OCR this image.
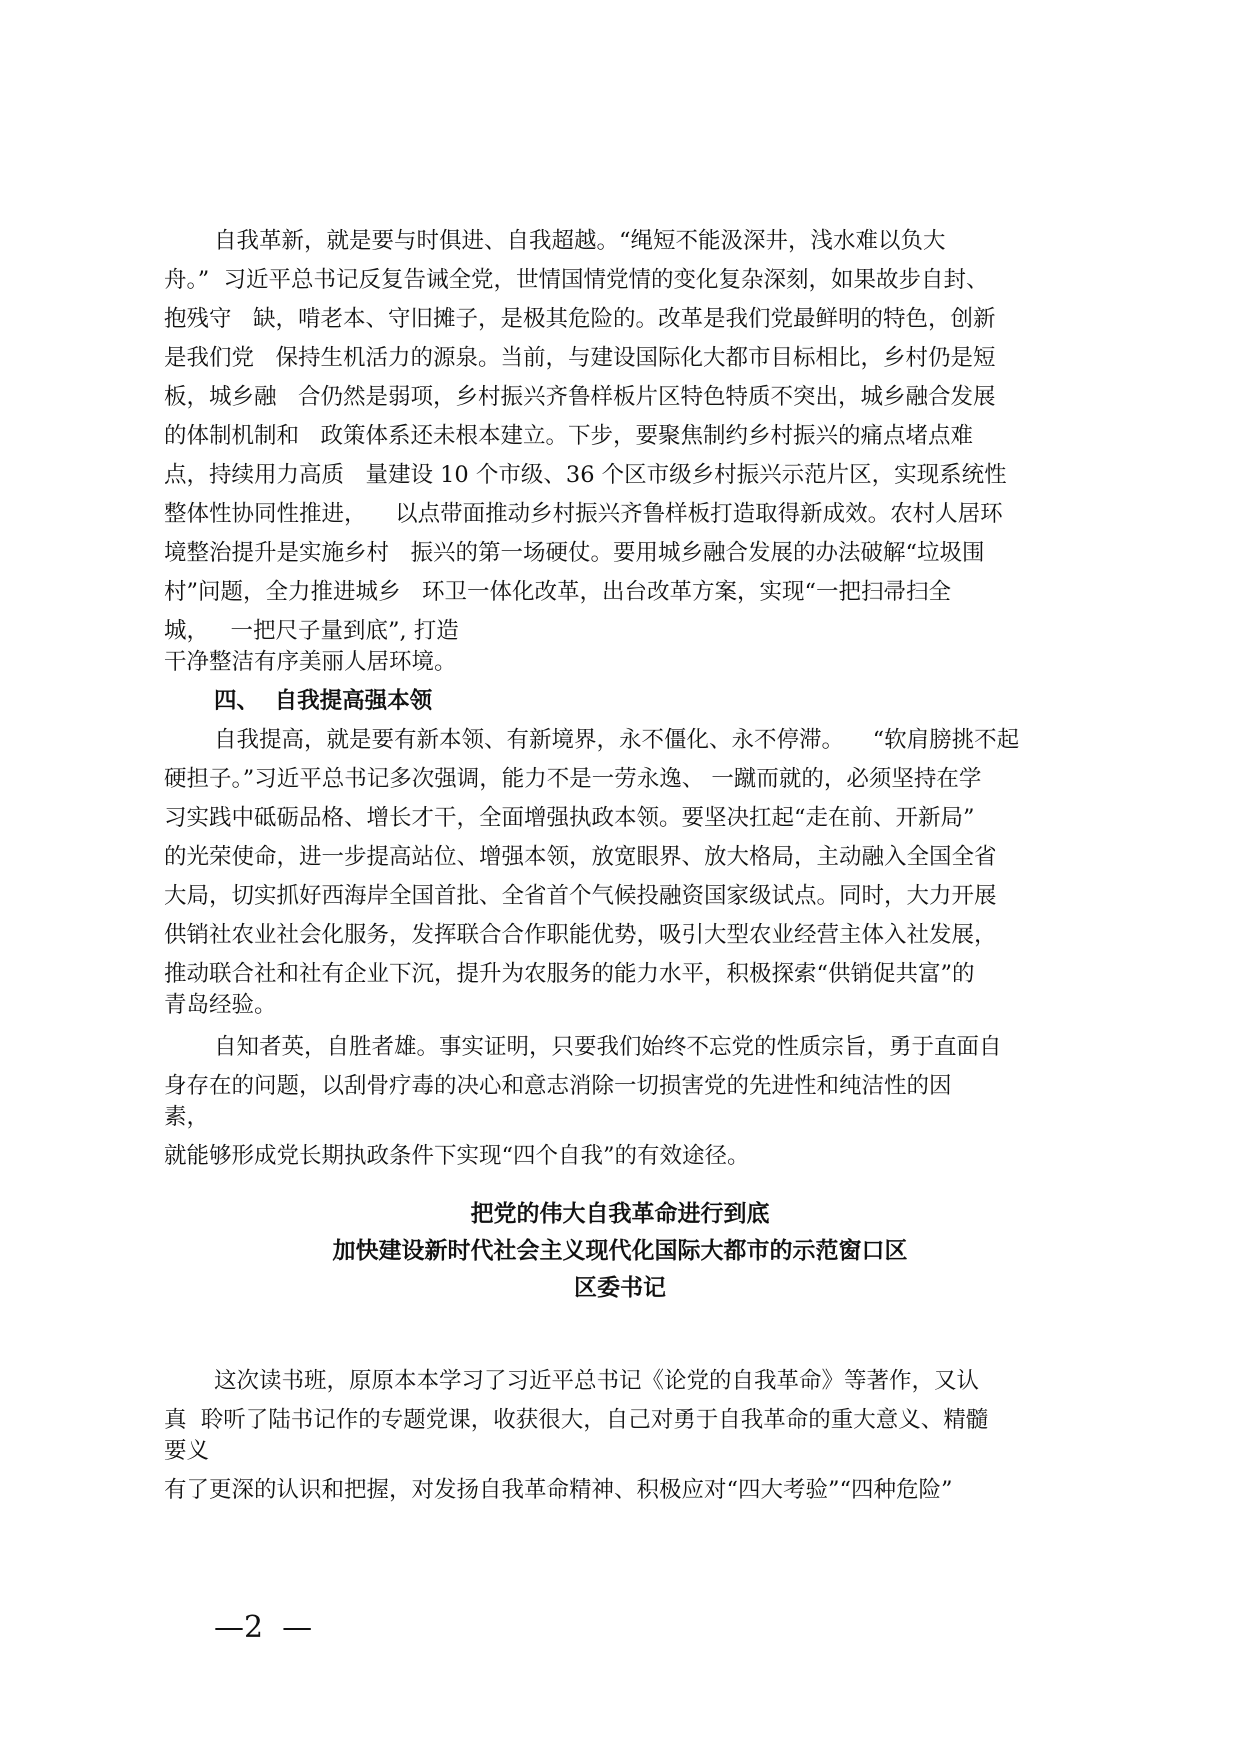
自我革新，就是要与时俱进、自我超越。“绳短不能汲深井，浅水难以负大
舟。”  习近平总书记反复告诫全党，世情国情党情的变化复杂深刻，如果故步自封、
抱残守   缺，啃老本、守旧摊子，是极其危险的。改革是我们党最鲜明的特色，创新
是我们党   保持生机活力的源泉。当前，与建设国际化大都市目标相比，乡村仍是短
板，城乡融   合仍然是弱项，乡村振兴齐鲁样板片区特色特质不突出，城乡融合发展
的体制机制和   政策体系还未根本建立。下步，要聚焦制约乡村振兴的痛点堵点难
点，持续用力高质   量建设 10 个市级、36 个区市级乡村振兴示范片区，实现系统性
整体性协同性推进，    以点带面推动乡村振兴齐鲁样板打造取得新成效。农村人居环
境整治提升是实施乡村   振兴的第一场硬仗。要用城乡融合发展的办法破解“垃圾围
村”问题，全力推进城乡   环卫一体化改革，出台改革方案，实现“一把扫帚扫全
城，   一把尺子量到底”, 打造
干净整洁有序美丽人居环境。
四、  自我提高强本领
自我提高，就是要有新本领、有新境界，永不僵化、永不停滞。    “软肩膀挑不起
硬担子。”习近平总书记多次强调，能力不是一劳永逸、 一蹴而就的，必须坚持在学
习实践中砥砺品格、增长才干，全面增强执政本领。要坚决扛起“走在前、开新局”
的光荣使命，进一步提高站位、增强本领，放宽眼界、放大格局，主动融入全国全省
大局，切实抓好西海岸全国首批、全省首个气候投融资国家级试点。同时，大力开展
供销社农业社会化服务，发挥联合合作职能优势，吸引大型农业经营主体入社发展，
推动联合社和社有企业下沉，提升为农服务的能力水平，积极探索“供销促共富”的
青岛经验。
自知者英，自胜者雄。事实证明，只要我们始终不忘党的性质宗旨，勇于直面自
身存在的问题，以刮骨疗毒的决心和意志消除一切损害党的先进性和纯洁性的因
素，
就能够形成党长期执政条件下实现“四个自我”的有效途径。
把党的伟大自我革命进行到底
加快建设新时代社会主义现代化国际大都市的示范窗口区
区委书记
这次读书班，原原本本学习了习近平总书记《论党的自我革命》等著作，又认
真  聆听了陆书记作的专题党课，收获很大，自己对勇于自我革命的重大意义、精髓
要义
有了更深的认识和把握，对发扬自我革命精神、积极应对“四大考验”“四种危险”
—2  —
